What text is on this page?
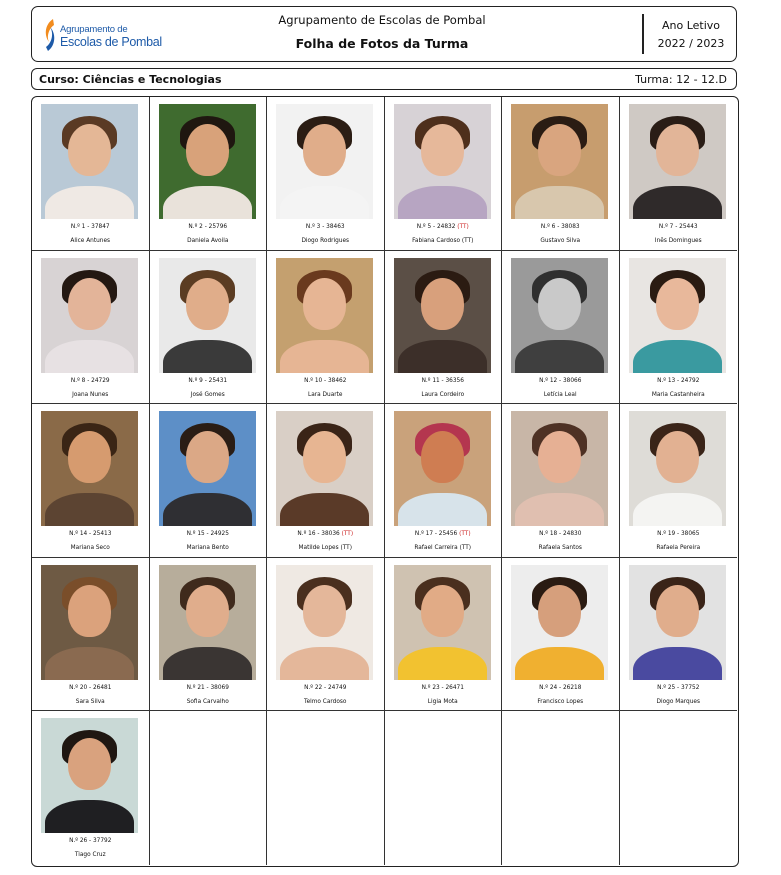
Agrupamento de
Escolas de Pombal
Agrupamento de Escolas de Pombal
Folha de Fotos da Turma
Ano Letivo
2022 / 2023
Curso: Ciências e Tecnologias	Turma: 12 - 12.D
N.º 1 - 37847
Alice Antunes
N.º 2 - 25796
Daniela Avoila
N.º 3 - 38463
Diogo Rodrigues
N.º 5 - 24832 (TT)
Fabiana Cardoso (TT)
N.º 6 - 38083
Gustavo Silva
N.º 7 - 25443
Inês Domingues
N.º 8 - 24729
Joana Nunes
N.º 9 - 25431
José Gomes
N.º 10 - 38462
Lara Duarte
N.º 11 - 36356
Laura Cordeiro
N.º 12 - 38066
Letícia Leal
N.º 13 - 24792
Maria Castanheira
N.º 14 - 25413
Mariana Seco
N.º 15 - 24925
Mariana Bento
N.º 16 - 38036 (TT)
Matilde Lopes (TT)
N.º 17 - 25456 (TT)
Rafael Carreira (TT)
N.º 18 - 24830
Rafaela Santos
N.º 19 - 38065
Rafaela Pereira
N.º 20 - 26481
Sara Silva
N.º 21 - 38069
Sofia Carvalho
N.º 22 - 24749
Telmo Cardoso
N.º 23 - 26471
Ligia Mota
N.º 24 - 26218
Francisco Lopes
N.º 25 - 37752
Diogo Marques
N.º 26 - 37792
Tiago Cruz
